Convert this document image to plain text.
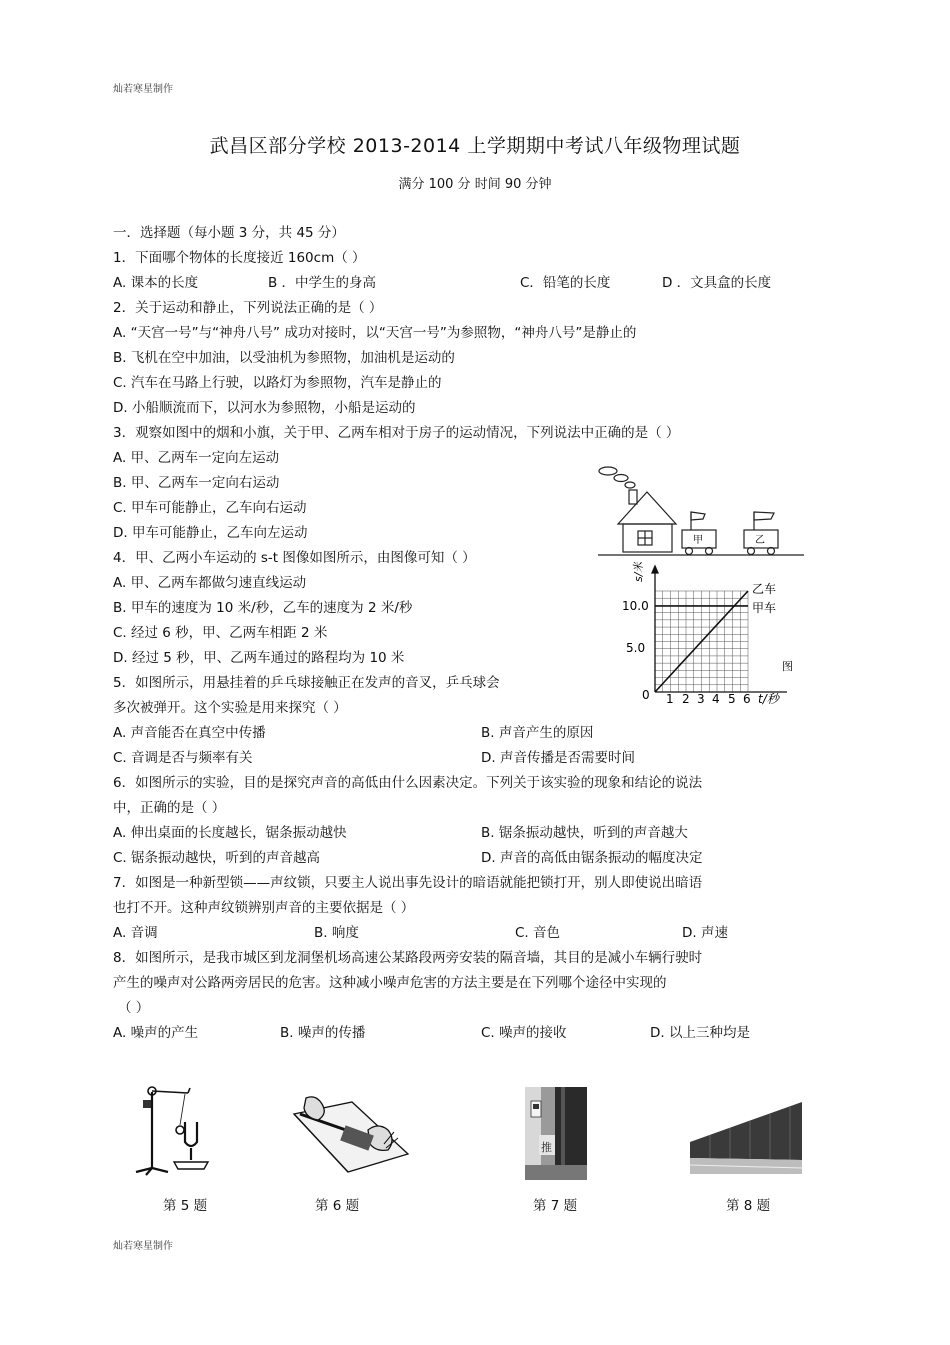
灿若寒星制作
武昌区部分学校 2013-2014 上学期期中考试八年级物理试题
满分 100 分 时间 90 分钟
一．选择题（每小题 3 分，共 45 分）
1．下面哪个物体的长度接近 160cm（ ）
A. 课本的长度	B ．中学生的身高	C．铅笔的长度	D ．文具盒的长度
2．关于运动和静止，下列说法正确的是（ ）
A. “天宫一号”与“神舟八号” 成功对接时，以“天宫一号”为参照物，“神舟八号”是静止的
B. 飞机在空中加油，以受油机为参照物，加油机是运动的
C. 汽车在马路上行驶，以路灯为参照物，汽车是静止的
D. 小船顺流而下，以河水为参照物，小船是运动的
3．观察如图中的烟和小旗，关于甲、乙两车相对于房子的运动情况，下列说法中正确的是（ ）
A. 甲、乙两车一定向左运动
B. 甲、乙两车一定向右运动
C. 甲车可能静止，乙车向右运动
D. 甲车可能静止，乙车向左运动	甲	乙
4．甲、乙两小车运动的 s-t 图像如图所示，由图像可知（ ）
A. 甲、乙两车都做匀速直线运动
B. 甲车的速度为 10 米/秒，乙车的速度为 2 米/秒
C. 经过 6 秒，甲、乙两车相距 2 米
D. 经过 5 秒，甲、乙两车通过的路程均为 10 米
s/米
10.0
5.0
0 1 2 3 4 5 6 t/秒
乙车
甲车
图
5．如图所示，用悬挂着的乒乓球接触正在发声的音叉，乒乓球会
多次被弹开。这个实验是用来探究（ ）
A. 声音能否在真空中传播	B. 声音产生的原因
C. 音调是否与频率有关	D. 声音传播是否需要时间
6．如图所示的实验，目的是探究声音的高低由什么因素决定。下列关于该实验的现象和结论的说法
中，正确的是（ ）
A. 伸出桌面的长度越长，锯条振动越快	B. 锯条振动越快，听到的声音越大
C. 锯条振动越快，听到的声音越高	D. 声音的高低由锯条振动的幅度决定
7．如图是一种新型锁——声纹锁，只要主人说出事先设计的暗语就能把锁打开，别人即使说出暗语
也打不开。这种声纹锁辨别声音的主要依据是（ ）
A. 音调	B. 响度	C. 音色	D. 声速
8．如图所示，是我市城区到龙洞堡机场高速公某路段两旁安装的隔音墙，其目的是减小车辆行驶时
产生的噪声对公路两旁居民的危害。这种减小噪声危害的方法主要是在下列哪个途径中实现的
（ ）
A. 噪声的产生	B. 噪声的传播	C. 噪声的接收	D. 以上三种均是
推
第 5 题	第 6 题	第 7 题	第 8 题
灿若寒星制作
